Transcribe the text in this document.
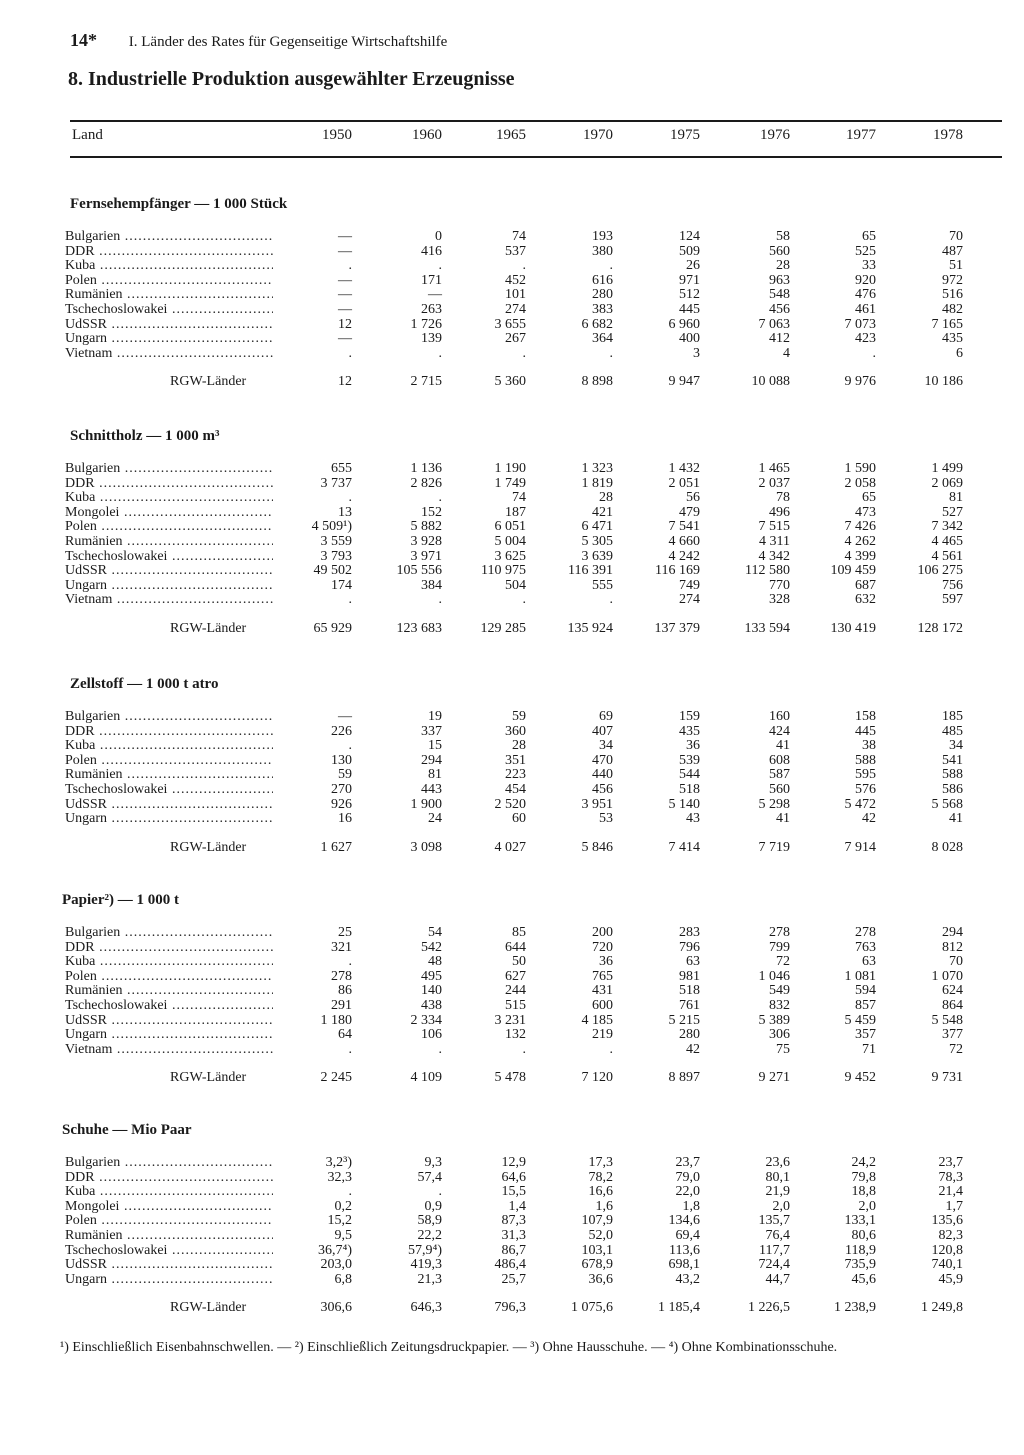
14* I. Länder des Rates für Gegenseitige Wirtschaftshilfe
8. Industrielle Produktion ausgewählter Erzeugnisse
Land	1950	1960	1965	1970	1975	1976	1977	1978
Fernsehempfänger — 1 000 Stück
Bulgarien .....	—	0	74	193	124	58	65	70
DDR .....	—	416	537	380	509	560	525	487
Kuba .....	.	.	.	.	26	28	33	51
Polen .....	—	171	452	616	971	963	920	972
Rumänien .....	—	—	101	280	512	548	476	516
Tschechoslowakei .....	—	263	274	383	445	456	461	482
UdSSR .....	12	1 726	3 655	6 682	6 960	7 063	7 073	7 165
Ungarn .....	—	139	267	364	400	412	423	435
Vietnam .....	.	.	.	.	3	4	.	6
RGW-Länder	12	2 715	5 360	8 898	9 947	10 088	9 976	10 186
Schnittholz — 1 000 m³
Bulgarien .....	655	1 136	1 190	1 323	1 432	1 465	1 590	1 499
DDR .....	3 737	2 826	1 749	1 819	2 051	2 037	2 058	2 069
Kuba .....	.	.	74	28	56	78	65	81
Mongolei .....	13	152	187	421	479	496	473	527
Polen .....	4 509¹)	5 882	6 051	6 471	7 541	7 515	7 426	7 342
Rumänien .....	3 559	3 928	5 004	5 305	4 660	4 311	4 262	4 465
Tschechoslowakei .....	3 793	3 971	3 625	3 639	4 242	4 342	4 399	4 561
UdSSR .....	49 502	105 556	110 975	116 391	116 169	112 580	109 459	106 275
Ungarn .....	174	384	504	555	749	770	687	756
Vietnam .....	.	.	.	.	274	328	632	597
RGW-Länder	65 929	123 683	129 285	135 924	137 379	133 594	130 419	128 172
Zellstoff — 1 000 t atro
Bulgarien .....	—	19	59	69	159	160	158	185
DDR .....	226	337	360	407	435	424	445	485
Kuba .....	.	15	28	34	36	41	38	34
Polen .....	130	294	351	470	539	608	588	541
Rumänien .....	59	81	223	440	544	587	595	588
Tschechoslowakei .....	270	443	454	456	518	560	576	586
UdSSR .....	926	1 900	2 520	3 951	5 140	5 298	5 472	5 568
Ungarn .....	16	24	60	53	43	41	42	41
RGW-Länder	1 627	3 098	4 027	5 846	7 414	7 719	7 914	8 028
Papier²) — 1 000 t
Bulgarien .....	25	54	85	200	283	278	278	294
DDR .....	321	542	644	720	796	799	763	812
Kuba .....	.	48	50	36	63	72	63	70
Polen .....	278	495	627	765	981	1 046	1 081	1 070
Rumänien .....	86	140	244	431	518	549	594	624
Tschechoslowakei .....	291	438	515	600	761	832	857	864
UdSSR .....	1 180	2 334	3 231	4 185	5 215	5 389	5 459	5 548
Ungarn .....	64	106	132	219	280	306	357	377
Vietnam .....	.	.	.	.	42	75	71	72
RGW-Länder	2 245	4 109	5 478	7 120	8 897	9 271	9 452	9 731
Schuhe — Mio Paar
Bulgarien .....	3,2³)	9,3	12,9	17,3	23,7	23,6	24,2	23,7
DDR .....	32,3	57,4	64,6	78,2	79,0	80,1	79,8	78,3
Kuba .....	.	.	15,5	16,6	22,0	21,9	18,8	21,4
Mongolei .....	0,2	0,9	1,4	1,6	1,8	2,0	2,0	1,7
Polen .....	15,2	58,9	87,3	107,9	134,6	135,7	133,1	135,6
Rumänien .....	9,5	22,2	31,3	52,0	69,4	76,4	80,6	82,3
Tschechoslowakei .....	36,7⁴)	57,9⁴)	86,7	103,1	113,6	117,7	118,9	120,8
UdSSR .....	203,0	419,3	486,4	678,9	698,1	724,4	735,9	740,1
Ungarn .....	6,8	21,3	25,7	36,6	43,2	44,7	45,6	45,9
RGW-Länder	306,6	646,3	796,3	1 075,6	1 185,4	1 226,5	1 238,9	1 249,8
¹) Einschließlich Eisenbahnschwellen. — ²) Einschließlich Zeitungsdruckpapier. — ³) Ohne Hausschuhe. — ⁴) Ohne Kombinationsschuhe.
